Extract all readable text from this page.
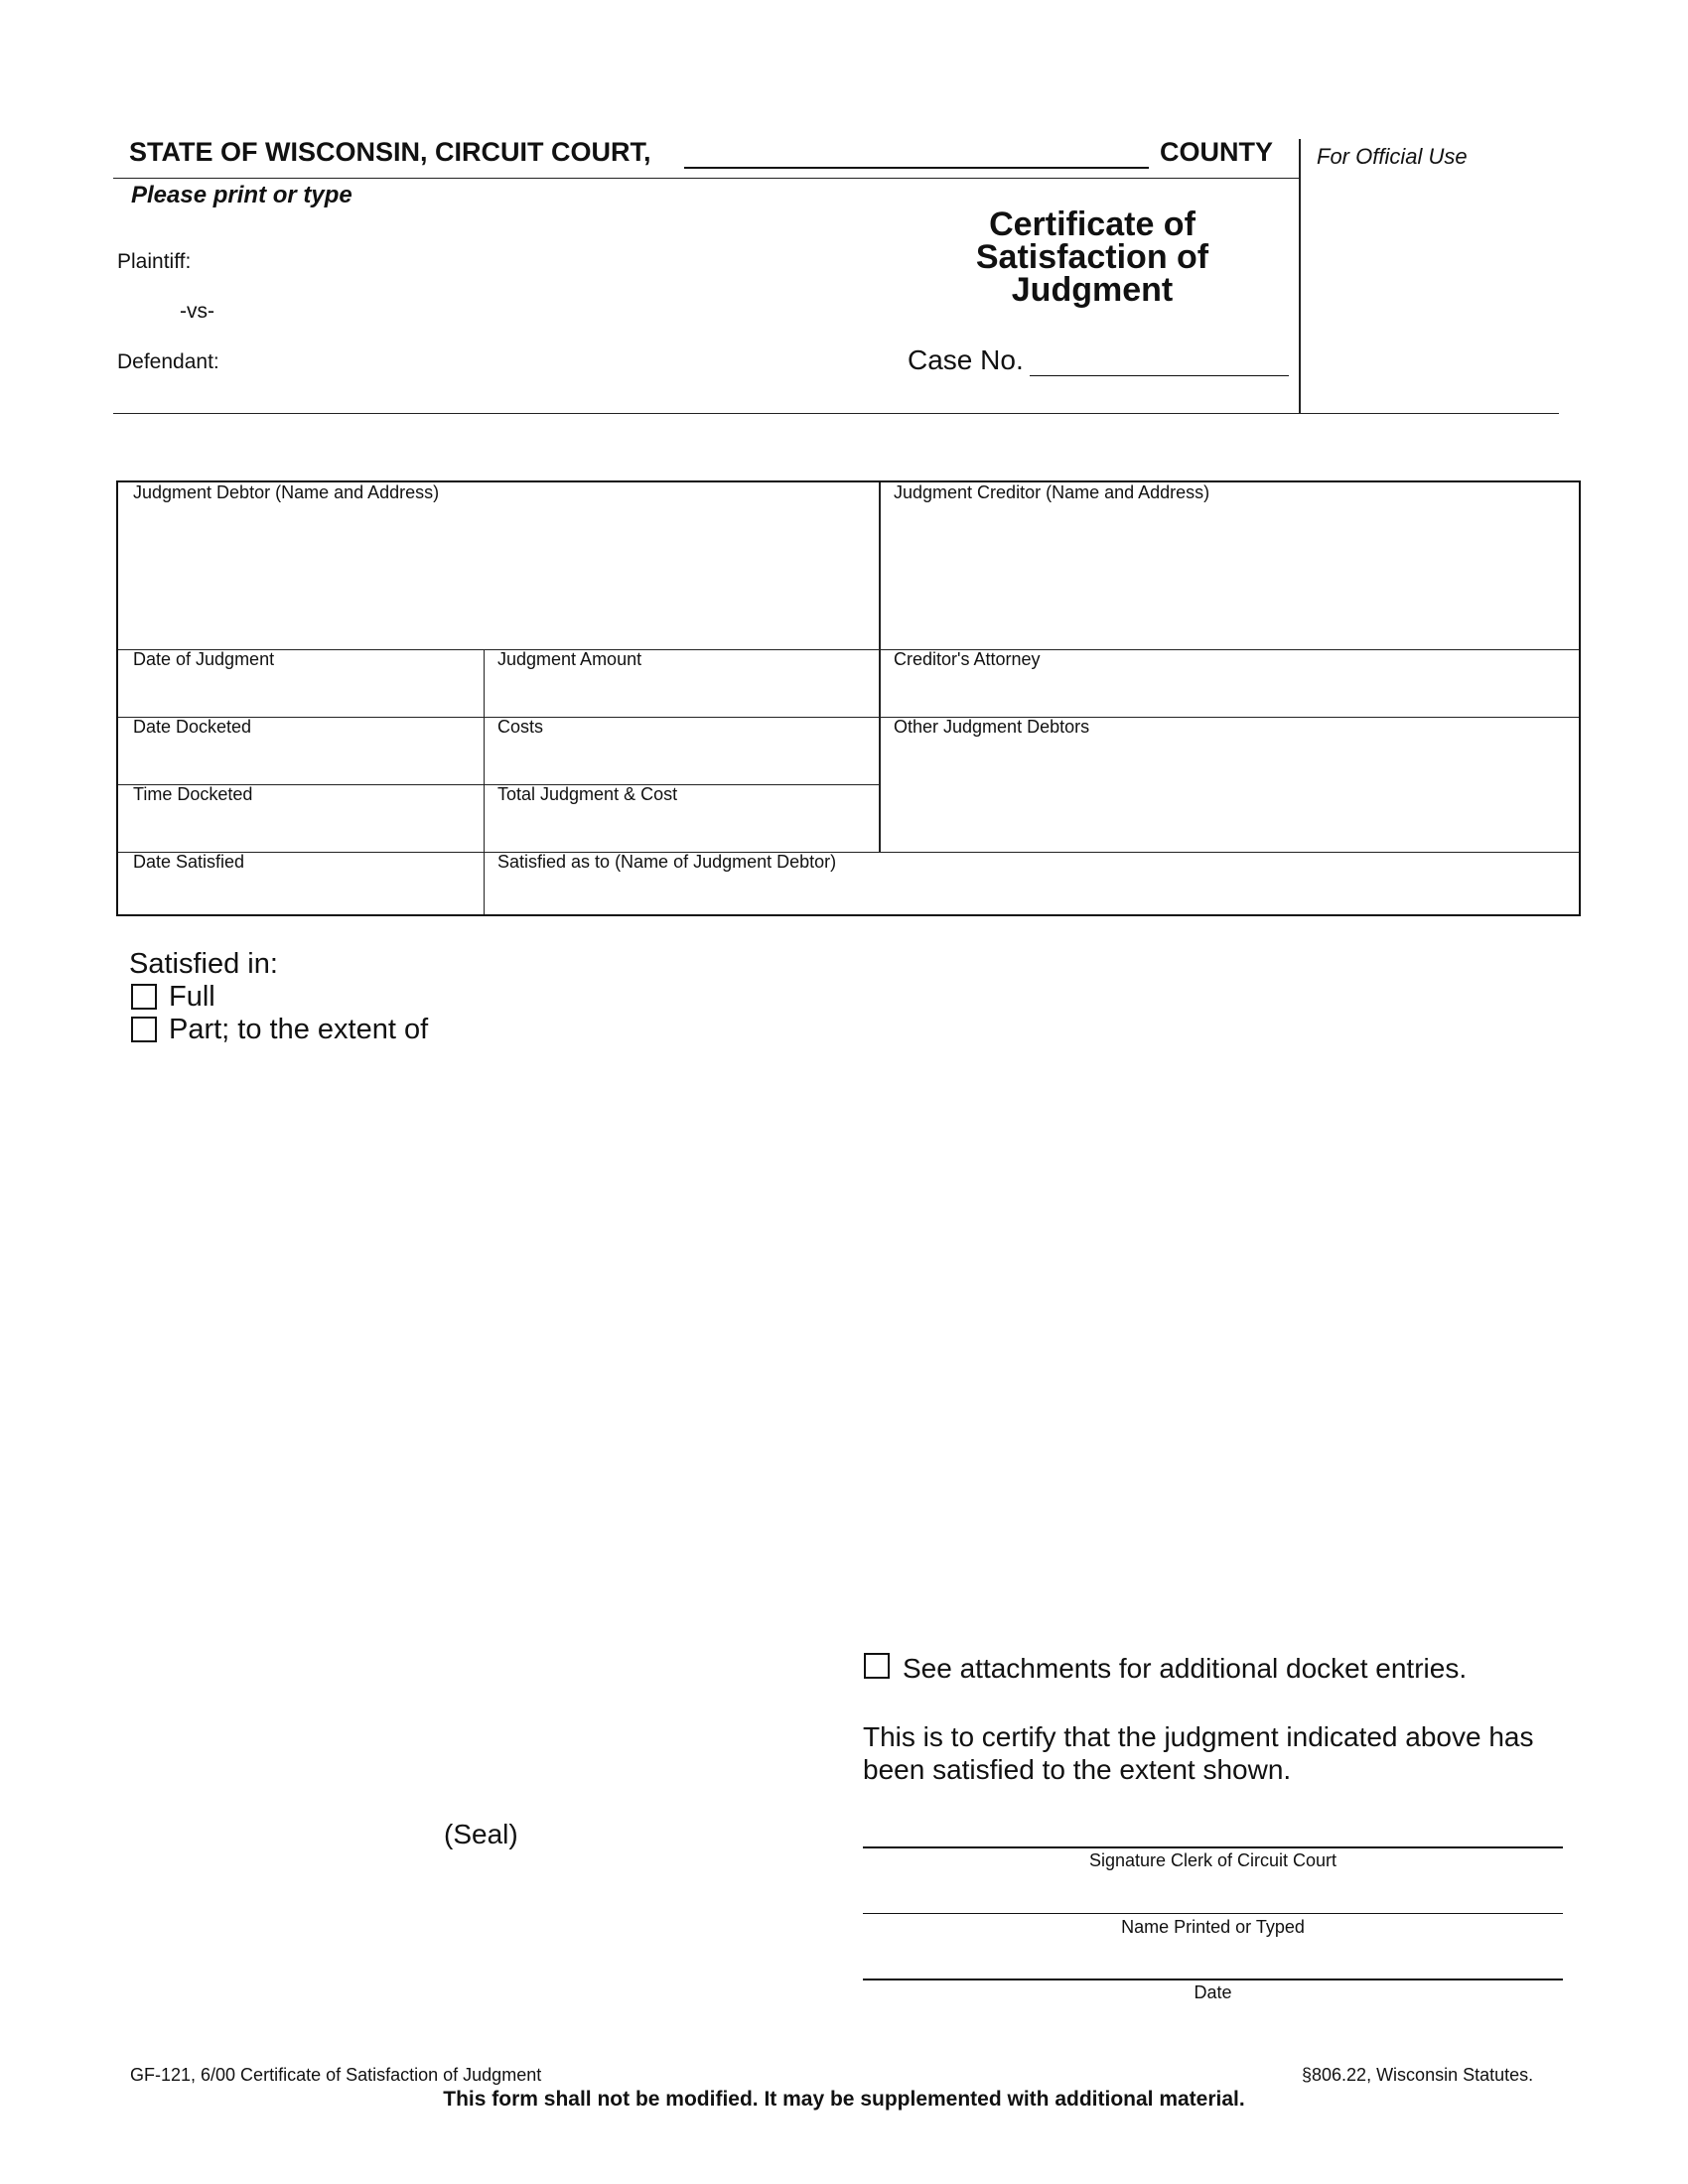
STATE OF WISCONSIN, CIRCUIT COURT,	COUNTY For Official Use
Please print or type
Plaintiff:
-vs-
Defendant:
Certificate of
Satisfaction of
Judgment
Case No.
Judgment Debtor (Name and Address)	Judgment Creditor (Name and Address)
Date of Judgment	Judgment Amount	Creditor's Attorney
Date Docketed	Costs	Other Judgment Debtors
Time Docketed	Total Judgment & Cost
Date Satisfied	Satisfied as to (Name of Judgment Debtor)
Satisfied in:
Full
Part; to the extent of
See attachments for additional docket entries.
This is to certify that the judgment indicated above has been satisfied to the extent shown.
(Seal)
Signature Clerk of Circuit Court
Name Printed or Typed
Date
GF-121, 6/00 Certificate of Satisfaction of Judgment	§806.22, Wisconsin Statutes.
This form shall not be modified. It may be supplemented with additional material.
